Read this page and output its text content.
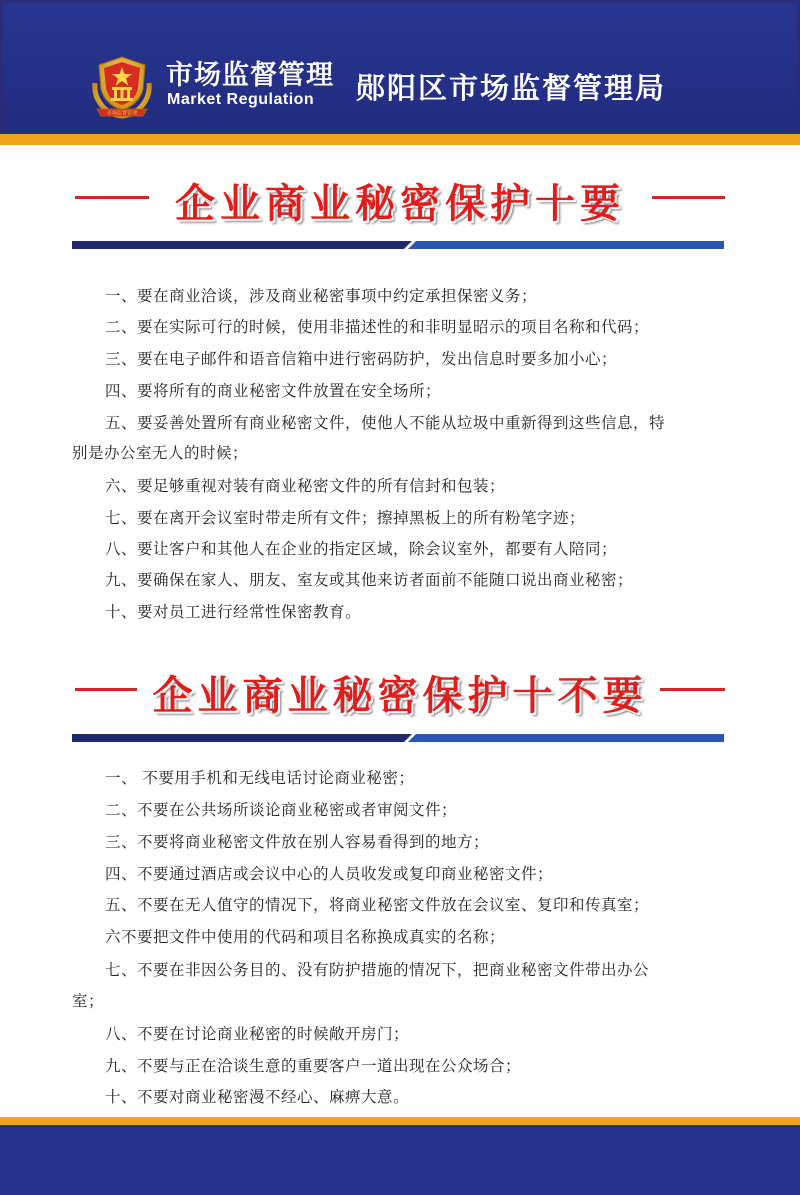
市场监督管理
市场监督管理
Market Regulation 郧阳区市场监督管理局
企业商业秘密保护十要
一、要在商业洽谈，涉及商业秘密事项中约定承担保密义务；
二、要在实际可行的时候，使用非描述性的和非明显昭示的项目名称和代码；
三、要在电子邮件和语音信箱中进行密码防护，发出信息时要多加小心；
四、要将所有的商业秘密文件放置在安全场所；
五、要妥善处置所有商业秘密文件，使他人不能从垃圾中重新得到这些信息，特
别是办公室无人的时候；
六、要足够重视对装有商业秘密文件的所有信封和包装；
七、要在离开会议室时带走所有文件；擦掉黑板上的所有粉笔字迹；
八、要让客户和其他人在企业的指定区域，除会议室外，都要有人陪同；
九、要确保在家人、朋友、室友或其他来访者面前不能随口说出商业秘密；
十、要对员工进行经常性保密教育。
企业商业秘密保护十不要
一、 不要用手机和无线电话讨论商业秘密；
二、不要在公共场所谈论商业秘密或者审阅文件；
三、不要将商业秘密文件放在别人容易看得到的地方；
四、不要通过酒店或会议中心的人员收发或复印商业秘密文件；
五、不要在无人值守的情况下，将商业秘密文件放在会议室、复印和传真室；
六不要把文件中使用的代码和项目名称换成真实的名称；
七、不要在非因公务目的、没有防护措施的情况下，把商业秘密文件带出办公
室；
八、不要在讨论商业秘密的时候敞开房门；
九、不要与正在洽谈生意的重要客户一道出现在公众场合；
十、不要对商业秘密漫不经心、麻痹大意。
